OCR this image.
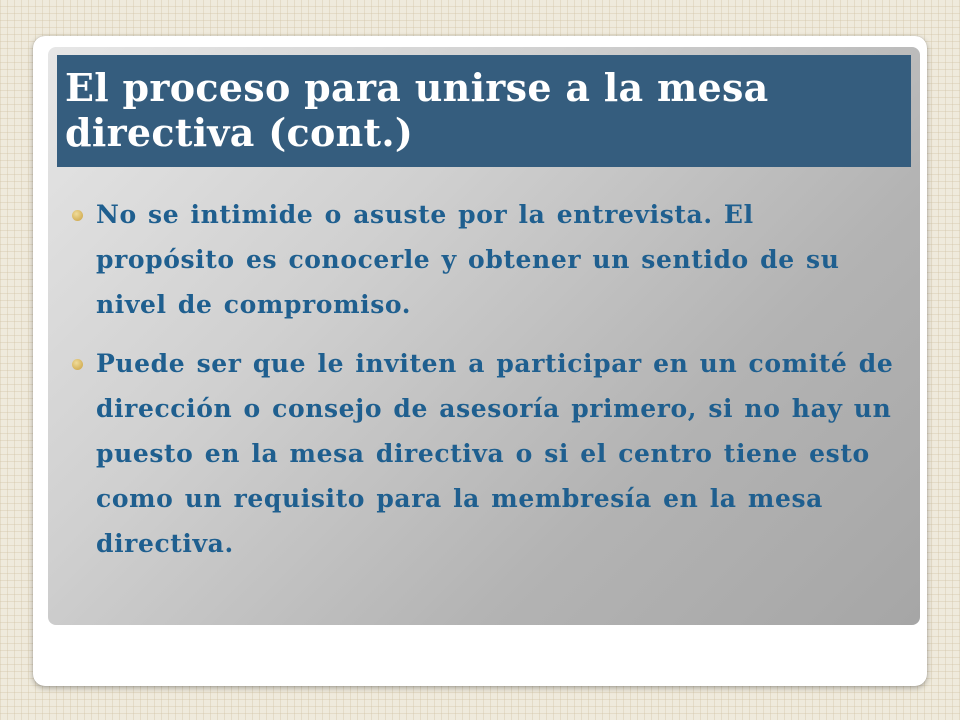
El proceso para unirse a la mesa directiva (cont.)
No se intimide o asuste por la entrevista. El propósito es conocerle y obtener un sentido de su nivel de compromiso.
Puede ser que le inviten a participar en un comité de dirección o consejo de asesoría primero, si no hay un puesto en la mesa directiva o si el centro tiene esto como un requisito para la membresía en la mesa directiva.
